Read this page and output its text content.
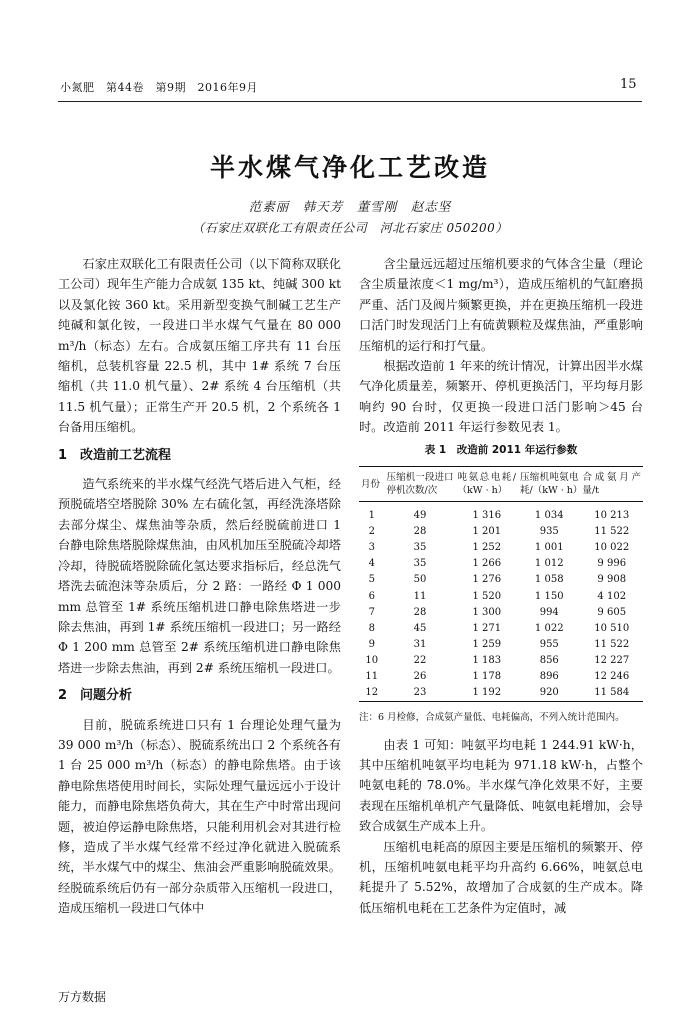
小氮肥　第44卷　第9期　2016年9月	15
半水煤气净化工艺改造
范素丽　韩天芳　董雪刚　赵志坚
（石家庄双联化工有限责任公司　河北石家庄 050200）

石家庄双联化工有限责任公司（以下简称双联化工公司）现年生产能力合成氨 135 kt、纯碱 300 kt 以及氯化铵 360 kt。采用新型变换气制碱工艺生产纯碱和氯化铵，一段进口半水煤气气量在 80 000 m³/h（标态）左右。合成氨压缩工序共有 11 台压缩机，总装机容量 22.5 机，其中 1# 系统 7 台压缩机（共 11.0 机气量）、2# 系统 4 台压缩机（共 11.5 机气量）；正常生产开 20.5 机，2 个系统各 1 台备用压缩机。

1　改造前工艺流程

造气系统来的半水煤气经洗气塔后进入气柜，经预脱硫塔空塔脱除 30% 左右硫化氢，再经洗涤塔除去部分煤尘、煤焦油等杂质，然后经脱硫前进口 1 台静电除焦塔脱除煤焦油，由风机加压至脱硫冷却塔冷却，待脱硫塔脱除硫化氢达要求指标后，经总洗气塔洗去硫泡沫等杂质后，分 2 路：一路经 Φ 1 000 mm 总管至 1# 系统压缩机进口静电除焦塔进一步除去焦油，再到 1# 系统压缩机一段进口；另一路经 Φ 1 200 mm 总管至 2# 系统压缩机进口静电除焦塔进一步除去焦油，再到 2# 系统压缩机一段进口。

2　问题分析

目前，脱硫系统进口只有 1 台理论处理气量为 39 000 m³/h（标态）、脱硫系统出口 2 个系统各有 1 台 25 000 m³/h（标态）的静电除焦塔。由于该静电除焦塔使用时间长，实际处理气量远远小于设计能力，而静电除焦塔负荷大，其在生产中时常出现问题，被迫停运静电除焦塔，只能利用机会对其进行检修，造成了半水煤气经常不经过净化就进入脱硫系统，半水煤气中的煤尘、焦油会严重影响脱硫效果。经脱硫系统后仍有一部分杂质带入压缩机一段进口，造成压缩机一段进口气体中

含尘量远远超过压缩机要求的气体含尘量（理论含尘质量浓度＜1 mg/m³），造成压缩机的气缸磨损严重、活门及阀片频繁更换，并在更换压缩机一段进口活门时发现活门上有硫黄颗粒及煤焦油，严重影响压缩机的运行和打气量。

根据改造前 1 年来的统计情况，计算出因半水煤气净化质量差，频繁开、停机更换活门，平均每月影响约 90 台时，仅更换一段进口活门影响＞45 台时。改造前 2011 年运行参数见表 1。

表 1　改造前 2011 年运行参数
月份	压缩机一段进口停机次数/次	吨氨总电耗/（kW · h）	压缩机吨氨电耗/（kW · h）	合成氨月产量/t
1	49	1 316	1 034	10 213
2	28	1 201	935	11 522
3	35	1 252	1 001	10 022
4	35	1 266	1 012	9 996
5	50	1 276	1 058	9 908
6	11	1 520	1 150	4 102
7	28	1 300	994	9 605
8	45	1 271	1 022	10 510
9	31	1 259	955	11 522
10	22	1 183	856	12 227
11	26	1 178	896	12 246
12	23	1 192	920	11 584
注：6 月检修，合成氨产量低、电耗偏高，不列入统计范围内。

由表 1 可知：吨氨平均电耗 1 244.91 kW·h，其中压缩机吨氨平均电耗为 971.18 kW·h，占整个吨氨电耗的 78.0%。半水煤气净化效果不好，主要表现在压缩机单机产气量降低、吨氨电耗增加，会导致合成氨生产成本上升。

压缩机电耗高的原因主要是压缩机的频繁开、停机，压缩机吨氨电耗平均升高约 6.66%，吨氨总电耗提升了 5.52%，故增加了合成氨的生产成本。降低压缩机电耗在工艺条件为定值时，减

万方数据
